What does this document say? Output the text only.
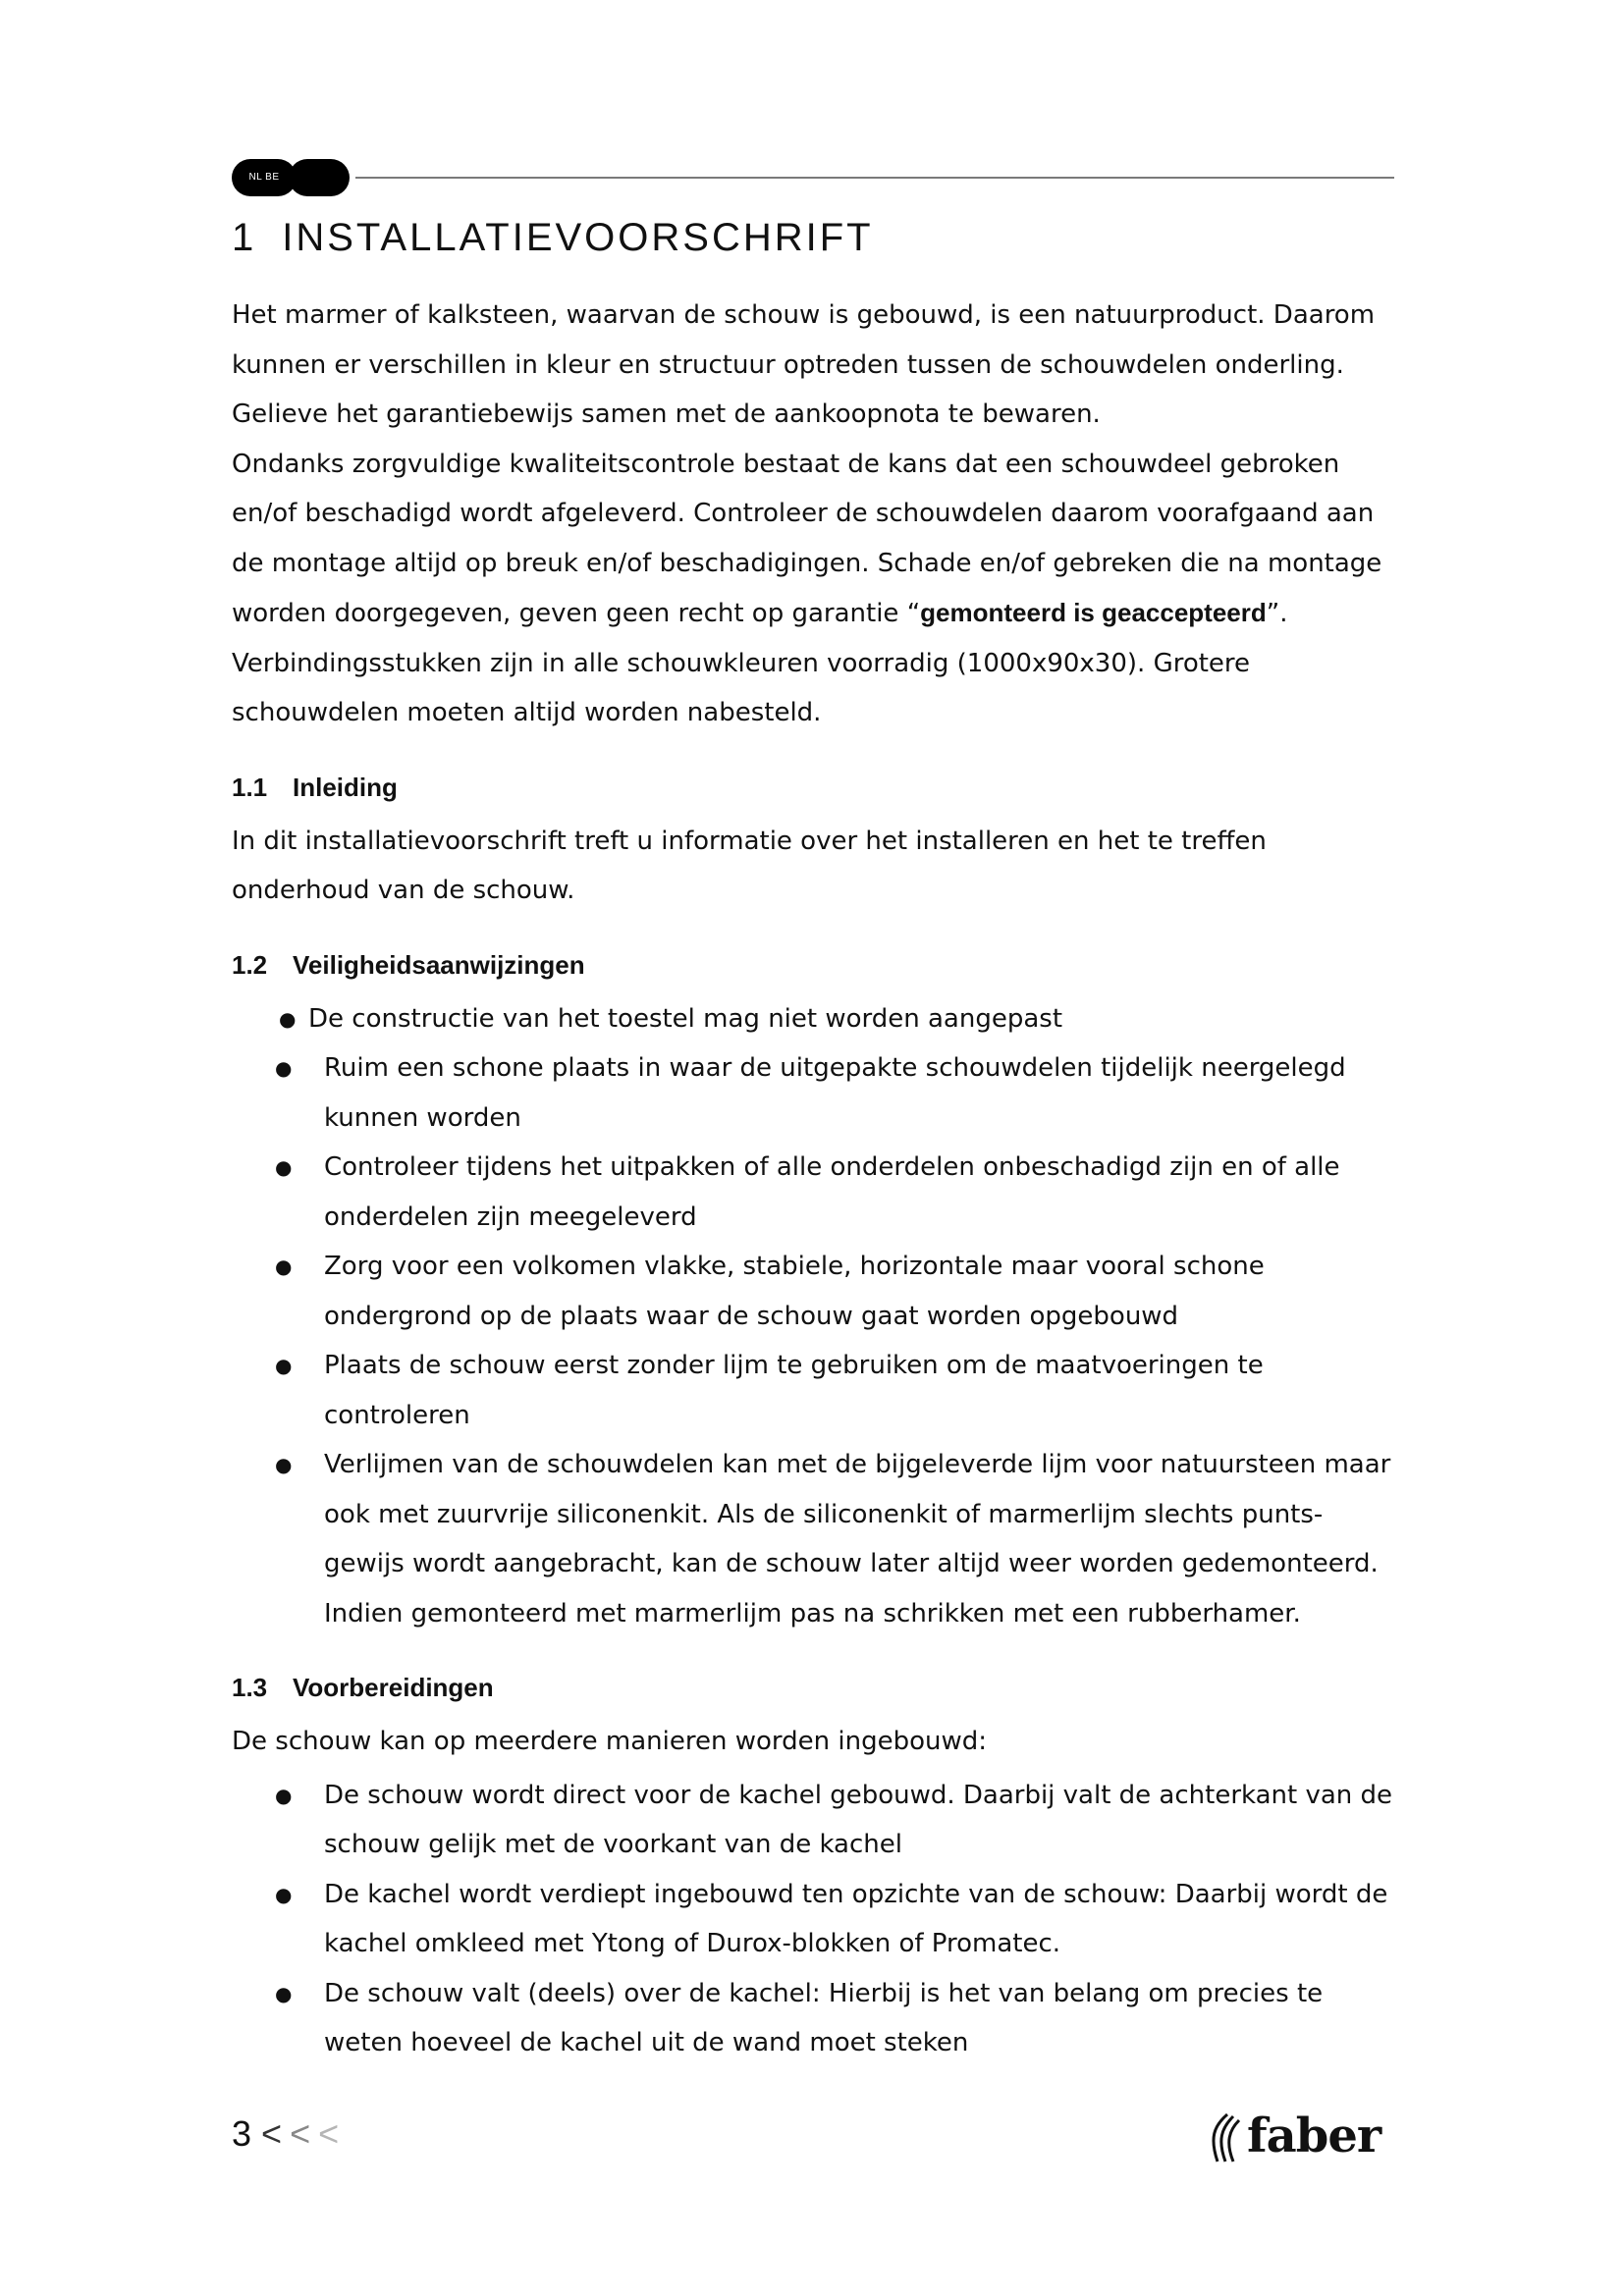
NL BE
1 INSTALLATIEVOORSCHRIFT

Het marmer of kalksteen, waarvan de schouw is gebouwd, is een natuurproduct. Daarom
kunnen er verschillen in kleur en structuur optreden tussen de schouwdelen onderling.
Gelieve het garantiebewijs samen met de aankoopnota te bewaren.
Ondanks zorgvuldige kwaliteitscontrole bestaat de kans dat een schouwdeel gebroken
en/of beschadigd wordt afgeleverd. Controleer de schouwdelen daarom voorafgaand aan
de montage altijd op breuk en/of beschadigingen. Schade en/of gebreken die na montage
worden doorgegeven, geven geen recht op garantie “gemonteerd is geaccepteerd”.
Verbindingsstukken zijn in alle schouwkleuren voorradig (1000x90x30). Grotere
schouwdelen moeten altijd worden nabesteld.

1.1 Inleiding

In dit installatievoorschrift treft u informatie over het installeren en het te treffen
onderhoud van de schouw.

1.2 Veiligheidsaanwijzingen
● De constructie van het toestel mag niet worden aangepast
● Ruim een schone plaats in waar de uitgepakte schouwdelen tijdelijk neergelegd
kunnen worden
● Controleer tijdens het uitpakken of alle onderdelen onbeschadigd zijn en of alle
onderdelen zijn meegeleverd
● Zorg voor een volkomen vlakke, stabiele, horizontale maar vooral schone
ondergrond op de plaats waar de schouw gaat worden opgebouwd
● Plaats de schouw eerst zonder lijm te gebruiken om de maatvoeringen te
controleren
● Verlijmen van de schouwdelen kan met de bijgeleverde lijm voor natuursteen maar
ook met zuurvrije siliconenkit. Als de siliconenkit of marmerlijm slechts punts-
gewijs wordt aangebracht, kan de schouw later altijd weer worden gedemonteerd.
Indien gemonteerd met marmerlijm pas na schrikken met een rubberhamer.
1.3 Voorbereidingen

De schouw kan op meerdere manieren worden ingebouwd:

● De schouw wordt direct voor de kachel gebouwd. Daarbij valt de achterkant van de
schouw gelijk met de voorkant van de kachel
● De kachel wordt verdiept ingebouwd ten opzichte van de schouw: Daarbij wordt de
kachel omkleed met Ytong of Durox-blokken of Promatec.
● De schouw valt (deels) over de kachel: Hierbij is het van belang om precies te
weten hoeveel de kachel uit de wand moet steken
3 < < <	faber
